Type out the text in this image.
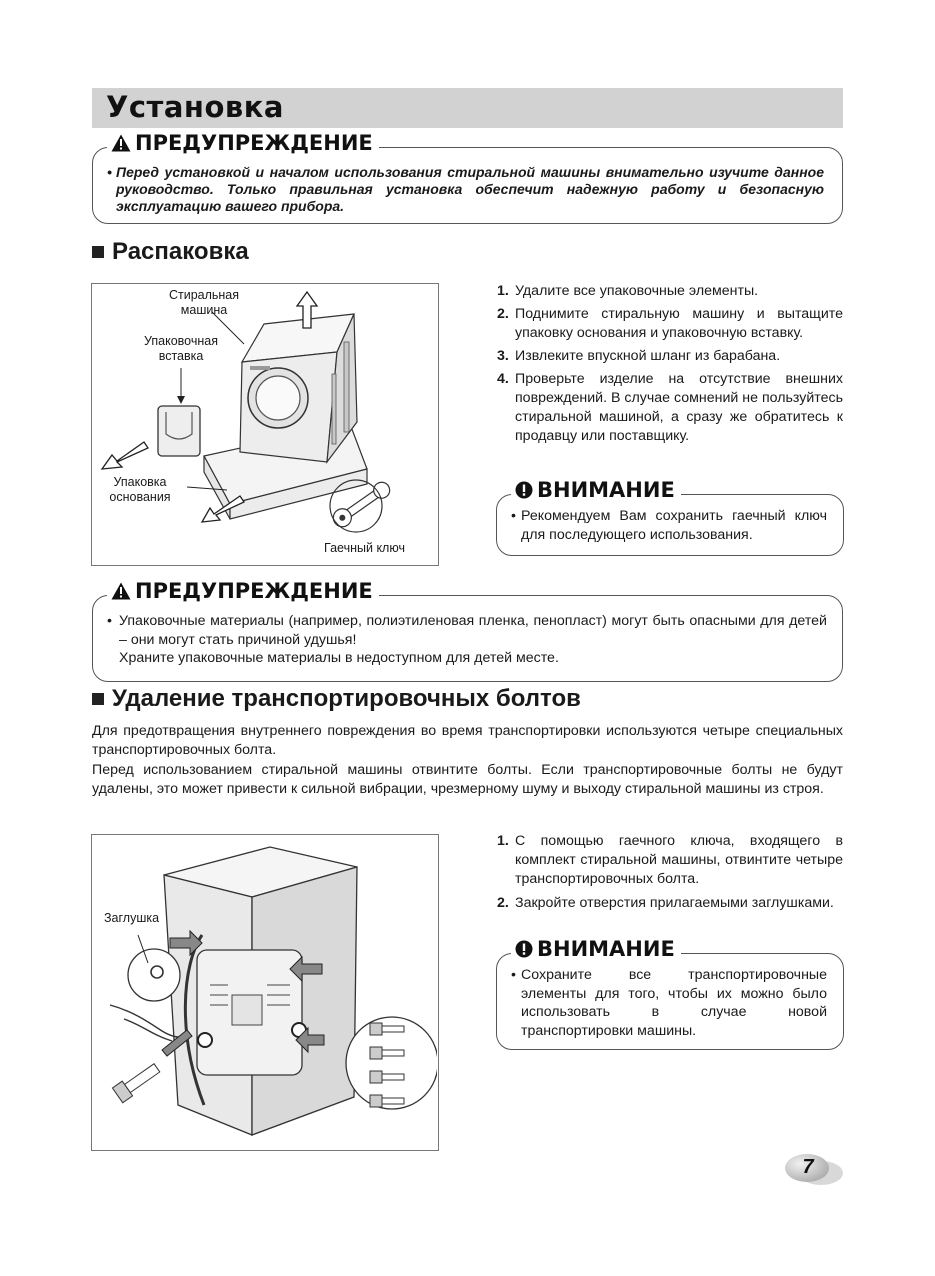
Установка
ПРЕДУПРЕЖДЕНИЕ
• Перед установкой и началом использования стиральной машины внимательно изучите данное руководство. Только правильная установка обеспечит надежную работу и безопасную эксплуатацию вашего прибора.
Распаковка
Стиральная
машина
Упаковочная
вставка
Упаковка
основания
Гаечный ключ
1. Удалите все упаковочные элементы.
2. Поднимите стиральную машину и вытащите упаковку основания и упаковочную вставку.
3. Извлеките впускной шланг из барабана.
4. Проверьте изделие на отсутствие внешних повреждений. В случае сомнений не пользуйтесь стиральной машиной, а сразу же обратитесь к продавцу или поставщику.
ВНИМАНИЕ
• Рекомендуем Вам сохранить гаечный ключ для последующего использования.
ПРЕДУПРЕЖДЕНИЕ
• Упаковочные материалы (например, полиэтиленовая пленка, пенопласт) могут быть опасными для детей – они могут стать причиной удушья!
Храните упаковочные материалы в недоступном для детей месте.
Удаление транспортировочных болтов
Для предотвращения внутреннего повреждения во время транспортировки используются четыре специальных транспортировочных болта.
Перед использованием стиральной машины отвинтите болты. Если транспортировочные болты не будут удалены, это может привести к сильной вибрации, чрезмерному шуму и выходу стиральной машины из строя.
Заглушка
1. С помощью гаечного ключа, входящего в комплект стиральной машины, отвинтите четыре транспортировочных болта.
2. Закройте отверстия прилагаемыми заглушками.
ВНИМАНИЕ
• Сохраните все транспортировочные элементы для того, чтобы их можно было использовать в случае новой транспортировки машины.
7
